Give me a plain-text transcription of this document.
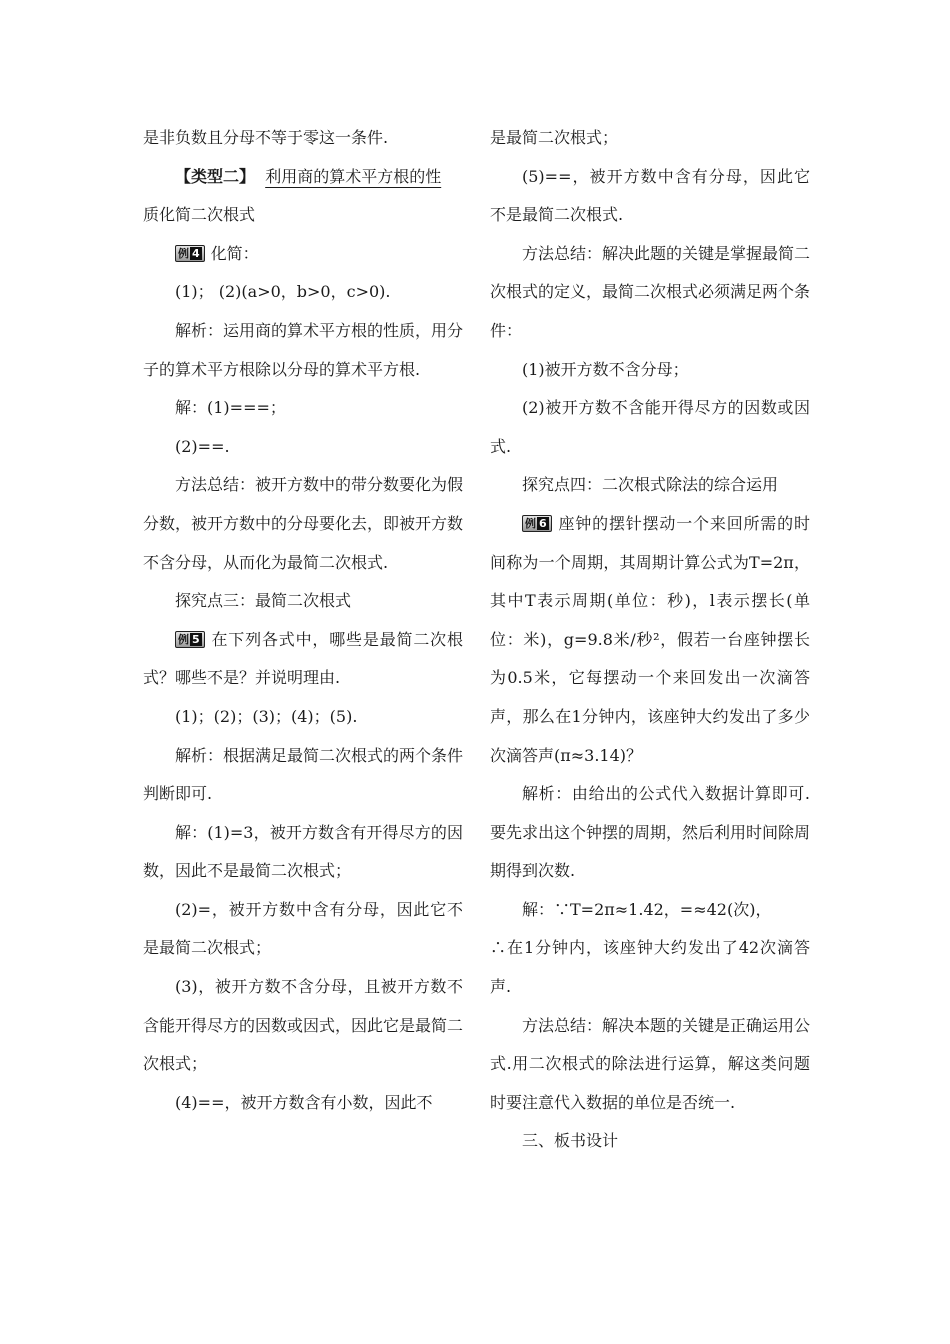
是非负数且分母不等于零这一条件.

【类型二】 利用商的算术平方根的性

质化简二次根式

例 4 化简：

(1)； (2)(a>0，b>0，c>0).

解析：运用商的算术平方根的性质，用分子的算术平方根除以分母的算术平方根.

解：(1)===；

(2)==.

方法总结：被开方数中的带分数要化为假分数，被开方数中的分母要化去，即被开方数不含分母，从而化为最简二次根式.

探究点三：最简二次根式

例 5 在下列各式中，哪些是最简二次根式？哪些不是？并说明理由.

(1)；(2)；(3)；(4)；(5).

解析：根据满足最简二次根式的两个条件判断即可.

解：(1)=3，被开方数含有开得尽方的因数，因此不是最简二次根式；

(2)=，被开方数中含有分母，因此它不是最简二次根式；

(3)，被开方数不含分母，且被开方数不含能开得尽方的因数或因式，因此它是最简二次根式；

(4)==，被开方数含有小数，因此不

是最简二次根式；

(5)==，被开方数中含有分母，因此它不是最简二次根式.

方法总结：解决此题的关键是掌握最简二次根式的定义，最简二次根式必须满足两个条件：

(1)被开方数不含分母；

(2)被开方数不含能开得尽方的因数或因式.

探究点四：二次根式除法的综合运用

例 6 座钟的摆针摆动一个来回所需的时间称为一个周期，其周期计算公式为T=2π，其中T表示周期(单位：秒)，l表示摆长(单位：米)，g=9.8米/秒²，假若一台座钟摆长为0.5米，它每摆动一个来回发出一次滴答声，那么在1分钟内，该座钟大约发出了多少次滴答声(π≈3.14)？

解析：由给出的公式代入数据计算即可.要先求出这个钟摆的周期，然后利用时间除周期得到次数.

解：∵T=2π≈1.42，=≈42(次)，

∴在1分钟内，该座钟大约发出了42次滴答声.

方法总结：解决本题的关键是正确运用公式.用二次根式的除法进行运算，解这类问题时要注意代入数据的单位是否统一.

三、板书设计
